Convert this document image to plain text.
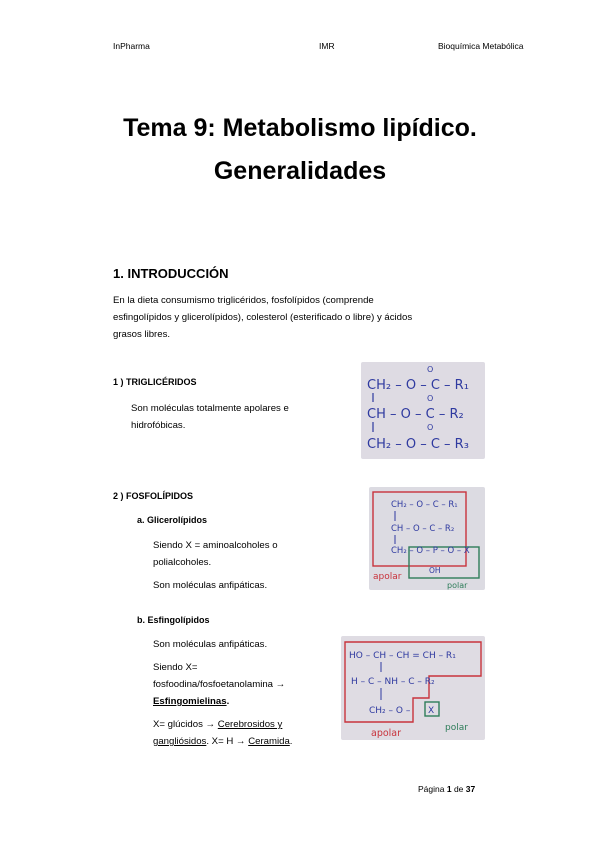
InPharma	IMR	Bioquímica Metabólica
Tema 9: Metabolismo lipídico.
Generalidades
1. INTRODUCCIÓN
En la dieta consumismo triglicéridos, fosfolípidos (comprende
esfingolípidos y glicerolípidos), colesterol (esterificado o libre) y ácidos
grasos libres.
1 ) TRIGLICÉRIDOS
Son moléculas totalmente apolares e
hidrofóbicas.
O
O
O
CH₂ – O – C – R₁
CH – O – C – R₂
CH₂ – O – C – R₃
2 ) FOSFOLÍPIDOS
a. Glicerolípidos
Siendo X = aminoalcoholes o
polialcoholes.
Son moléculas anfipáticas.
CH₂ – O – C – R₁
CH – O – C – R₂
CH₂ – O – P – O – X
OH
apolar
polar
b. Esfingolípidos
Son moléculas anfipáticas.
Siendo X=
fosfoodina/fosfoetanolamina →
Esfingomielinas.
X= glúcidos → Cerebrosidos y
gangliósidos. X= H → Ceramida.
HO – CH – CH = CH – R₁
H – C – NH – C – R₂
CH₂ – O – X
apolar	polar
Página 1 de 37
